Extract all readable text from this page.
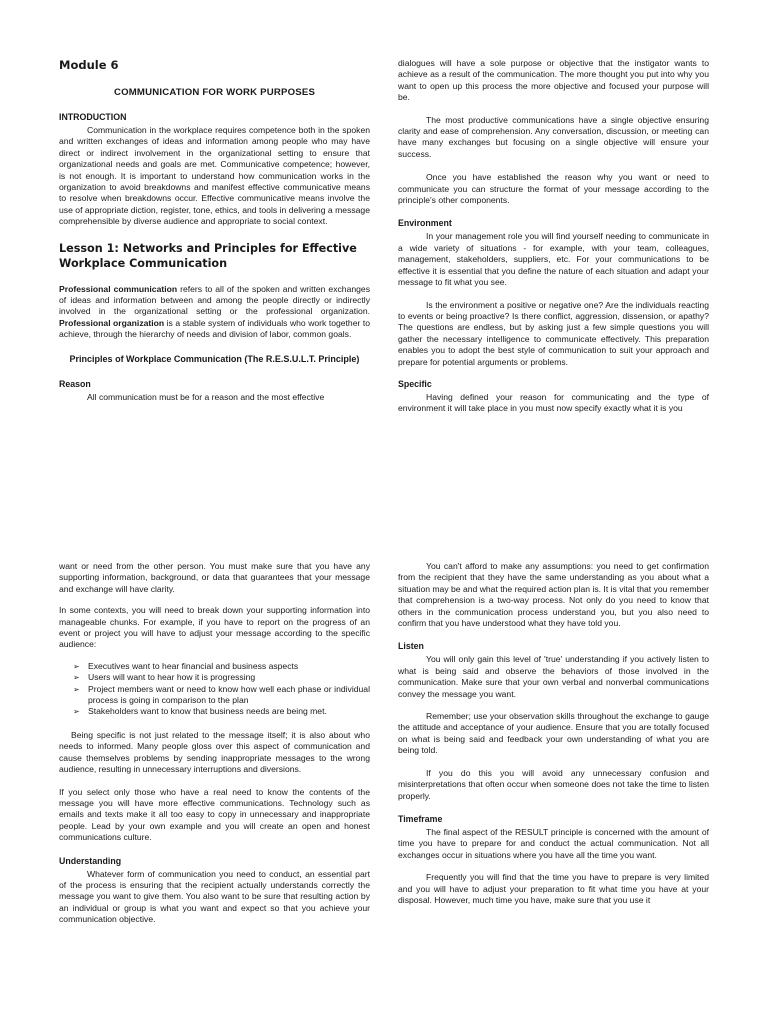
Module 6
COMMUNICATION FOR WORK PURPOSES
INTRODUCTION

Communication in the workplace requires competence both in the spoken and written exchanges of ideas and information among people who may have direct or indirect involvement in the organizational setting to ensure that organizational needs and goals are met. Communicative competence; however, is not enough. It is important to understand how communication works in the organization to avoid breakdowns and manifest effective communicative means to resolve when breakdowns occur. Effective communicative means involve the use of appropriate diction, register, tone, ethics, and tools in delivering a message comprehensible by diverse audience and appropriate to social context.

Lesson 1: Networks and Principles for Effective Workplace Communication

Professional communication refers to all of the spoken and written exchanges of ideas and information between and among the people directly or indirectly involved in the organizational setting or the professional organization. Professional organization is a stable system of individuals who work together to achieve, through the hierarchy of needs and division of labor, common goals.

Principles of Workplace Communication (The R.E.S.U.L.T. Principle)
Reason

All communication must be for a reason and the most effective

dialogues will have a sole purpose or objective that the instigator wants to achieve as a result of the communication. The more thought you put into why you want to open up this process the more objective and focused your purpose will be.

The most productive communications have a single objective ensuring clarity and ease of comprehension. Any conversation, discussion, or meeting can have many exchanges but focusing on a single objective will ensure your success.

Once you have established the reason why you want or need to communicate you can structure the format of your message according to the principle's other components.

Environment

In your management role you will find yourself needing to communicate in a wide variety of situations - for example, with your team, colleagues, management, stakeholders, suppliers, etc. For your communications to be effective it is essential that you define the nature of each situation and adapt your message to fit what you see.

Is the environment a positive or negative one? Are the individuals reacting to events or being proactive? Is there conflict, aggression, dissension, or apathy? The questions are endless, but by asking just a few simple questions you will gather the necessary intelligence to communicate effectively. This preparation enables you to adopt the best style of communication to suit your approach and prepare for potential arguments or problems.

Specific

Having defined your reason for communicating and the type of environment it will take place in you must now specify exactly what it is you

want or need from the other person. You must make sure that you have any supporting information, background, or data that guarantees that your message and exchange will have clarity.

In some contexts, you will need to break down your supporting information into manageable chunks. For example, if you have to report on the progress of an event or project you will have to adjust your message according to the specific audience:

➢ Executives want to hear financial and business aspects
➢ Users will want to hear how it is progressing
➢ Project members want or need to know how well each phase or individual process is going in comparison to the plan
➢ Stakeholders want to know that business needs are being met.

Being specific is not just related to the message itself; it is also about who needs to informed. Many people gloss over this aspect of communication and cause themselves problems by sending inappropriate messages to the wrong audience, resulting in unnecessary interruptions and diversions.

If you select only those who have a real need to know the contents of the message you will have more effective communications. Technology such as emails and texts make it all too easy to copy in unnecessary and inappropriate people. Lead by your own example and you will create an open and honest communications culture.

Understanding

Whatever form of communication you need to conduct, an essential part of the process is ensuring that the recipient actually understands correctly the message you want to give them. You also want to be sure that resulting action by an individual or group is what you want and expect so that you achieve your communication objective.

You can't afford to make any assumptions: you need to get confirmation from the recipient that they have the same understanding as you about what a situation may be and what the required action plan is. It is vital that you remember that comprehension is a two-way process. Not only do you need to know that others in the communication process understand you, but you also need to confirm that you have understood what they have told you.

Listen

You will only gain this level of 'true' understanding if you actively listen to what is being said and observe the behaviors of those involved in the communication. Make sure that your own verbal and nonverbal communications convey the message you want.

Remember; use your observation skills throughout the exchange to gauge the attitude and acceptance of your audience. Ensure that you are totally focused on what is being said and feedback your own understanding of what you are being told.

If you do this you will avoid any unnecessary confusion and misinterpretations that often occur when someone does not take the time to listen properly.

Timeframe

The final aspect of the RESULT principle is concerned with the amount of time you have to prepare for and conduct the actual communication. Not all exchanges occur in situations where you have all the time you want.

Frequently you will find that the time you have to prepare is very limited and you will have to adjust your preparation to fit what time you have at your disposal. However, much time you have, make sure that you use it
